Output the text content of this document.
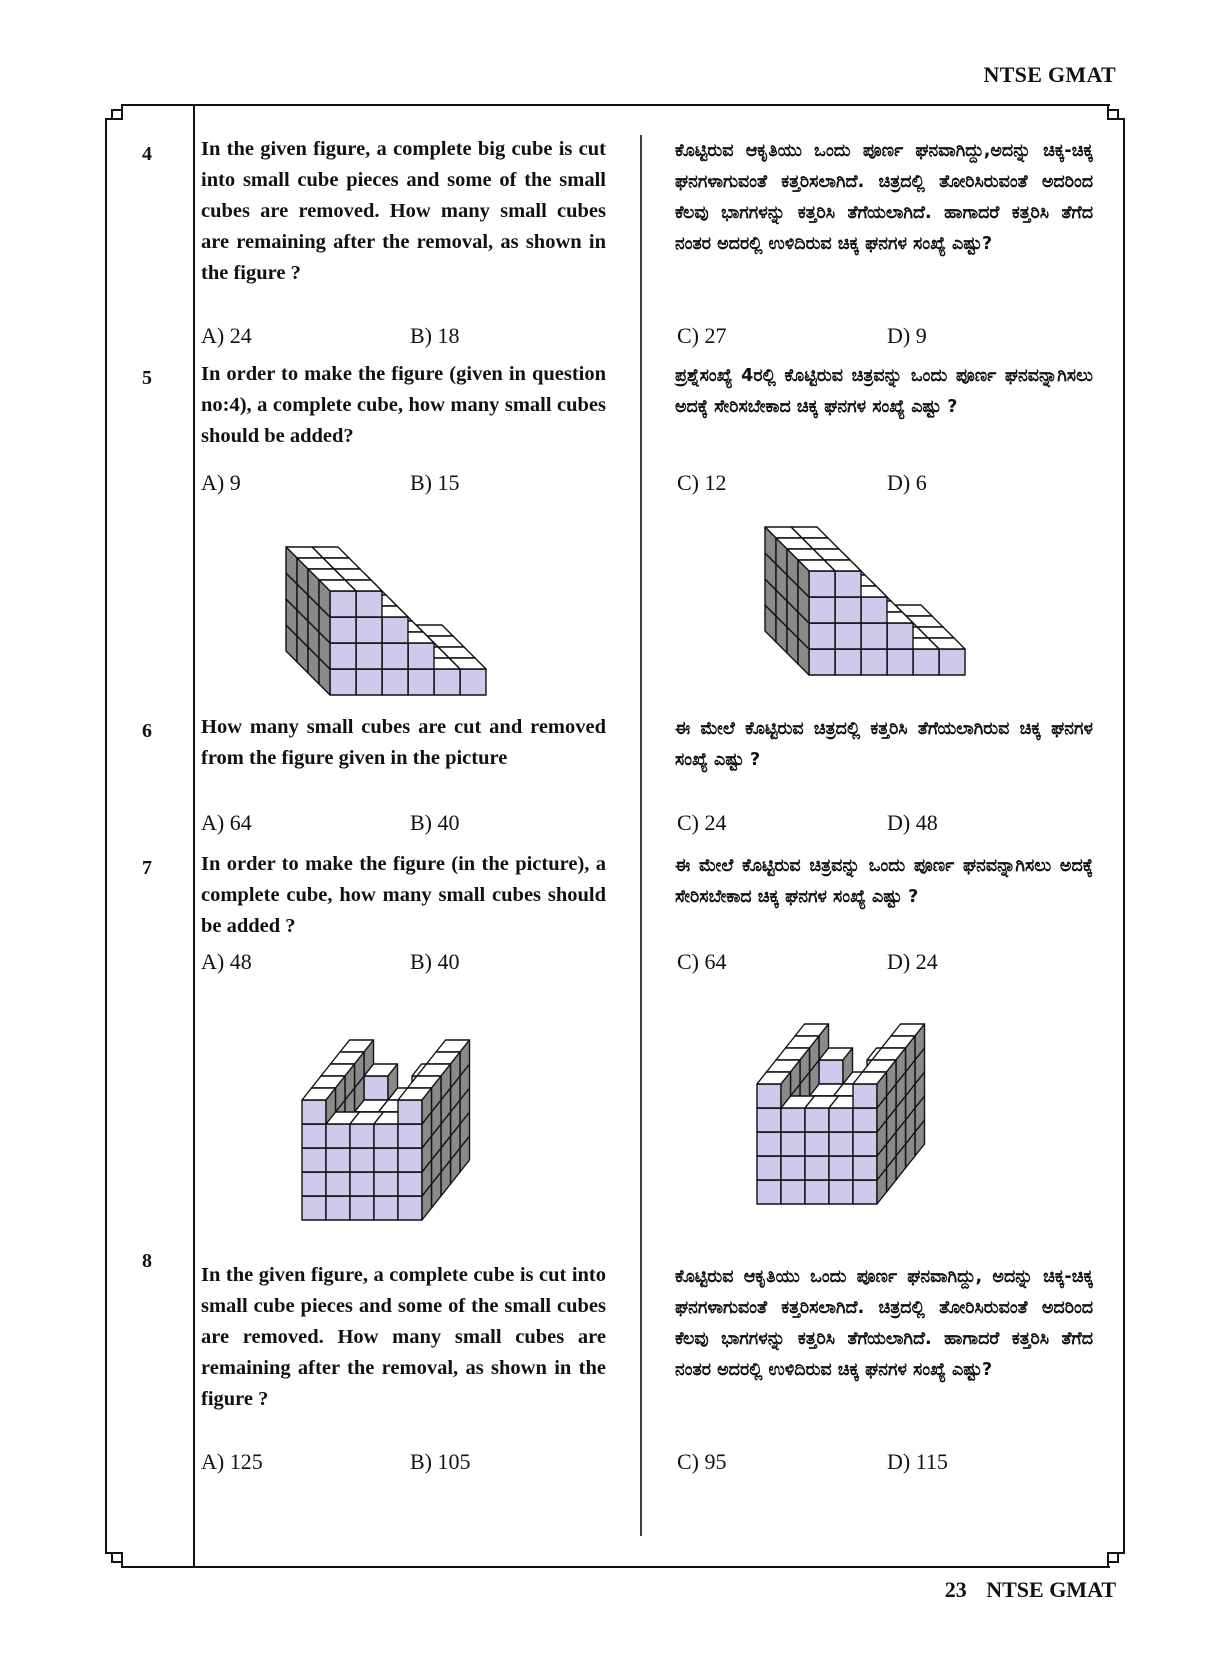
NTSE GMAT
4	In the given figure, a complete big cube is cut into small cube pieces and some of the small cubes are removed. How many small cubes are remaining after the removal, as shown in the figure ?
ಕೊಟ್ಟಿರುವ ಆಕೃತಿಯು ಒಂದು ಪೂರ್ಣ ಘನವಾಗಿದ್ದು,ಅದನ್ನು ಚಿಕ್ಕ-ಚಿಕ್ಕ ಘನಗಳಾಗುವಂತೆ ಕತ್ತರಿಸಲಾಗಿದೆ. ಚಿತ್ರದಲ್ಲಿ ತೋರಿಸಿರುವಂತೆ ಅದರಿಂದ ಕೆಲವು ಭಾಗಗಳನ್ನು ಕತ್ತರಿಸಿ ತೆಗೆಯಲಾಗಿದೆ. ಹಾಗಾದರೆ ಕತ್ತರಿಸಿ ತೆಗೆದ ನಂತರ ಅದರಲ್ಲಿ ಉಳಿದಿರುವ ಚಿಕ್ಕ ಘನಗಳ ಸಂಖ್ಯೆ ಎಷ್ಟು?
A) 24	B) 18	C) 27	D) 9
5	In order to make the figure (given in question no:4), a complete cube, how many small cubes should be added?
ಪ್ರಶ್ನೆಸಂಖ್ಯೆ 4ರಲ್ಲಿ ಕೊಟ್ಟಿರುವ ಚಿತ್ರವನ್ನು ಒಂದು ಪೂರ್ಣ ಘನವನ್ನಾಗಿಸಲು ಅದಕ್ಕೆ ಸೇರಿಸಬೇಕಾದ ಚಿಕ್ಕ ಘನಗಳ ಸಂಖ್ಯೆ ಎಷ್ಟು ?
A) 9	B) 15	C) 12	D) 6
6	How many small cubes are cut and removed from the figure given in the picture
ಈ ಮೇಲೆ ಕೊಟ್ಟಿರುವ ಚಿತ್ರದಲ್ಲಿ ಕತ್ತರಿಸಿ ತೆಗೆಯಲಾಗಿರುವ ಚಿಕ್ಕ ಘನಗಳ ಸಂಖ್ಯೆ ಎಷ್ಟು ?
A) 64	B) 40	C) 24	D) 48
7	In order to make the figure (in the picture), a complete cube, how many small cubes should be added ?
ಈ ಮೇಲೆ ಕೊಟ್ಟಿರುವ ಚಿತ್ರವನ್ನು ಒಂದು ಪೂರ್ಣ ಘನವನ್ನಾಗಿಸಲು ಅದಕ್ಕೆ ಸೇರಿಸಬೇಕಾದ ಚಿಕ್ಕ ಘನಗಳ ಸಂಖ್ಯೆ ಎಷ್ಟು ?
A) 48	B) 40	C) 64	D) 24
8
In the given figure, a complete cube is cut into small cube pieces and some of the small cubes are removed. How many small cubes are remaining after the removal, as shown in the figure ?
ಕೊಟ್ಟಿರುವ ಆಕೃತಿಯು ಒಂದು ಪೂರ್ಣ ಘನವಾಗಿದ್ದು, ಅದನ್ನು ಚಿಕ್ಕ-ಚಿಕ್ಕ ಘನಗಳಾಗುವಂತೆ ಕತ್ತರಿಸಲಾಗಿದೆ. ಚಿತ್ರದಲ್ಲಿ ತೋರಿಸಿರುವಂತೆ ಅದರಿಂದ ಕೆಲವು ಭಾಗಗಳನ್ನು ಕತ್ತರಿಸಿ ತೆಗೆಯಲಾಗಿದೆ. ಹಾಗಾದರೆ ಕತ್ತರಿಸಿ ತೆಗೆದ ನಂತರ ಅದರಲ್ಲಿ ಉಳಿದಿರುವ ಚಿಕ್ಕ ಘನಗಳ ಸಂಖ್ಯೆ ಎಷ್ಟು?
A) 125	B) 105	C) 95	D) 115
23 NTSE GMAT
